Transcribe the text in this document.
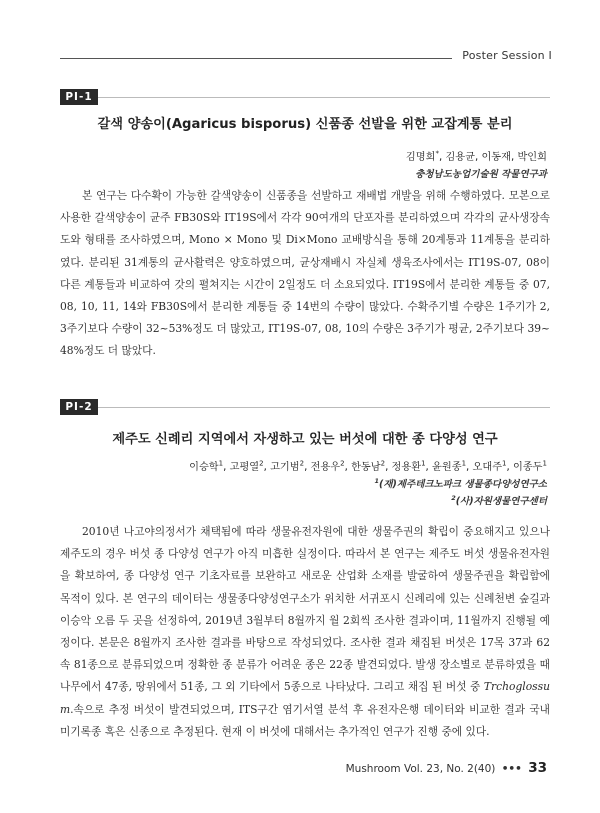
Poster Session Ⅰ
PI-1
갈색 양송이(Agaricus bisporus) 신품종 선발을 위한 교잡계통 분리
김명희*, 김용균, 이동재, 박인희
충청남도농업기술원 작물연구과

본 연구는 다수확이 가능한 갈색양송이 신품종을 선발하고 재배법 개발을 위해 수행하였다. 모본으로 사용한 갈색양송이 균주 FB30S와 IT19S에서 각각 90여개의 단포자를 분리하였으며 각각의 균사생장속도와 형태를 조사하였으며, Mono × Mono 및 Di×Mono 교배방식을 통해 20계통과 11계통을 분리하였다. 분리된 31계통의 균사활력은 양호하였으며, 균상재배시 자실체 생육조사에서는 IT19S-07, 08이 다른 계통들과 비교하여 갓의 펼쳐지는 시간이 2일정도 더 소요되었다. IT19S에서 분리한 계통들 중 07, 08, 10, 11, 14와 FB30S에서 분리한 계통들 중 14번의 수량이 많았다. 수확주기별 수량은 1주기가 2, 3주기보다 수량이 32~53%정도 더 많았고, IT19S-07, 08, 10의 수량은 3주기가 평균, 2주기보다 39~48%정도 더 많았다.

PI-2
제주도 신례리 지역에서 자생하고 있는 버섯에 대한 종 다양성 연구
이승학$^1$, 고평열$^2$, 고기범$^2$, 전용우$^2$, 한동남$^2$, 정용환$^1$, 윤원종$^1$, 오대주$^1$, 이종두$^1$
$^1$(재)제주테크노파크 생물종다양성연구소
$^2$(사)자원생물연구센터

2010년 나고야의정서가 채택됨에 따라 생물유전자원에 대한 생물주권의 확립이 중요해지고 있으나 제주도의 경우 버섯 종 다양성 연구가 아직 미흡한 실정이다. 따라서 본 연구는 제주도 버섯 생물유전자원을 확보하여, 종 다양성 연구 기초자료를 보완하고 새로운 산업화 소재를 발굴하여 생물주권을 확립함에 목적이 있다. 본 연구의 데이터는 생물종다양성연구소가 위치한 서귀포시 신례리에 있는 신례천변 숲길과 이승악 오름 두 곳을 선정하여, 2019년 3월부터 8월까지 월 2회씩 조사한 결과이며, 11월까지 진행될 예정이다. 본문은 8월까지 조사한 결과를 바탕으로 작성되었다. 조사한 결과 채집된 버섯은 17목 37과 62속 81종으로 분류되었으며 정확한 종 분류가 어려운 종은 22종 발견되었다. 발생 장소별로 분류하였을 때 나무에서 47종, 땅위에서 51종, 그 외 기타에서 5종으로 나타났다. 그리고 채집 된 버섯 중 Trchoglossum.속으로 추정 버섯이 발견되었으며, ITS구간 염기서열 분석 후 유전자은행 데이터와 비교한 결과 국내 미기록종 혹은 신종으로 추정된다. 현재 이 버섯에 대해서는 추가적인 연구가 진행 중에 있다.

Mushroom Vol. 23, No. 2(40) ••• 33
